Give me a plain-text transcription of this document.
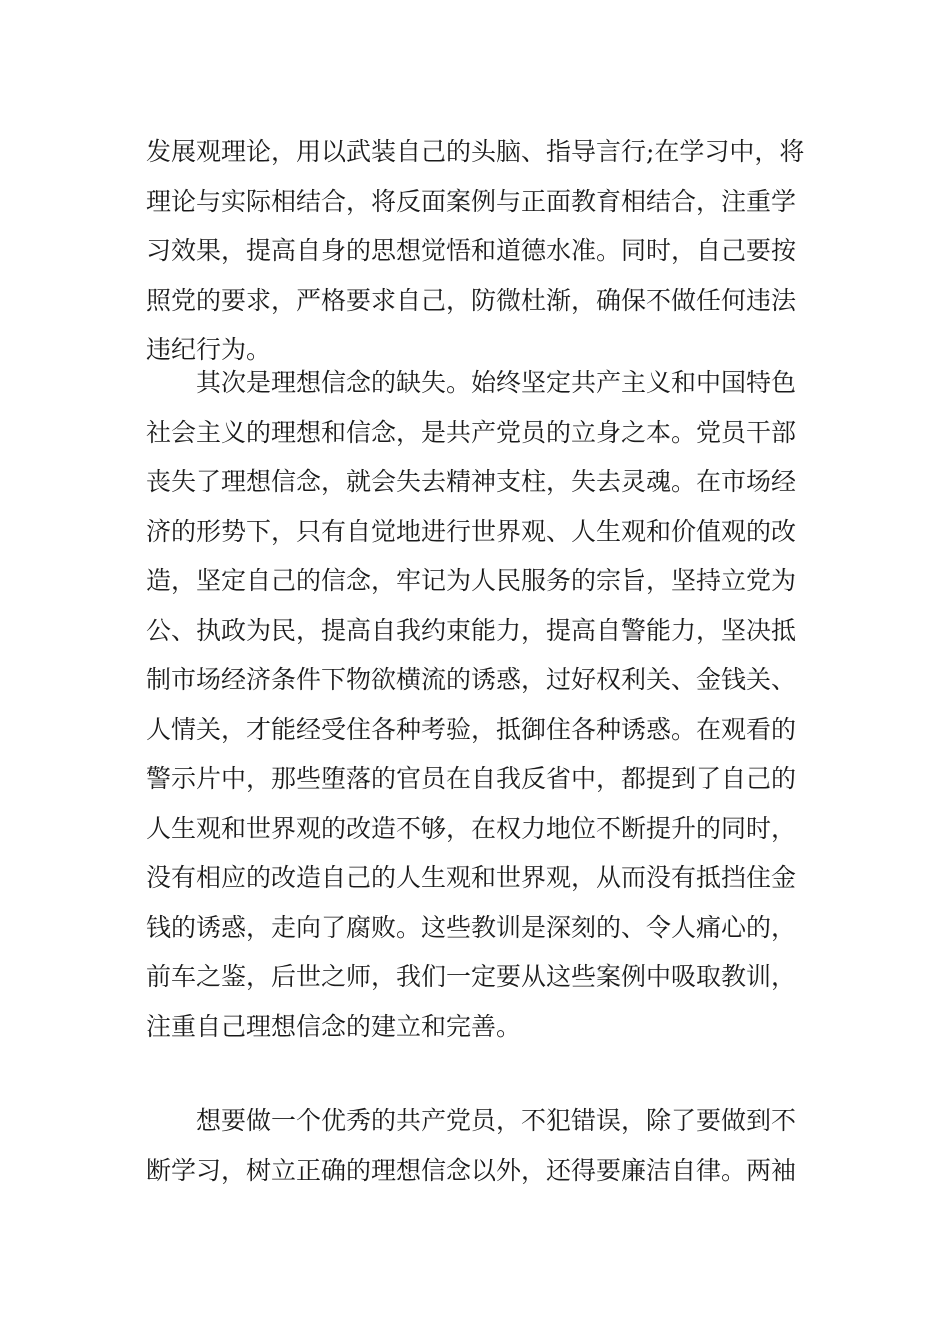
发展观理论，用以武装自己的头脑、指导言行;在学习中，将

理论与实际相结合，将反面案例与正面教育相结合，注重学

习效果，提高自身的思想觉悟和道德水准。同时，自己要按

照党的要求，严格要求自己，防微杜渐，确保不做任何违法

违纪行为。

其次是理想信念的缺失。始终坚定共产主义和中国特色

社会主义的理想和信念，是共产党员的立身之本。党员干部

丧失了理想信念，就会失去精神支柱，失去灵魂。在市场经

济的形势下，只有自觉地进行世界观、人生观和价值观的改

造，坚定自己的信念，牢记为人民服务的宗旨，坚持立党为

公、执政为民，提高自我约束能力，提高自警能力，坚决抵

制市场经济条件下物欲横流的诱惑，过好权利关、金钱关、

人情关，才能经受住各种考验，抵御住各种诱惑。在观看的

警示片中，那些堕落的官员在自我反省中，都提到了自己的

人生观和世界观的改造不够，在权力地位不断提升的同时，

没有相应的改造自己的人生观和世界观，从而没有抵挡住金

钱的诱惑，走向了腐败。这些教训是深刻的、令人痛心的，

前车之鉴，后世之师，我们一定要从这些案例中吸取教训，

注重自己理想信念的建立和完善。

想要做一个优秀的共产党员，不犯错误，除了要做到不

断学习，树立正确的理想信念以外，还得要廉洁自律。两袖
